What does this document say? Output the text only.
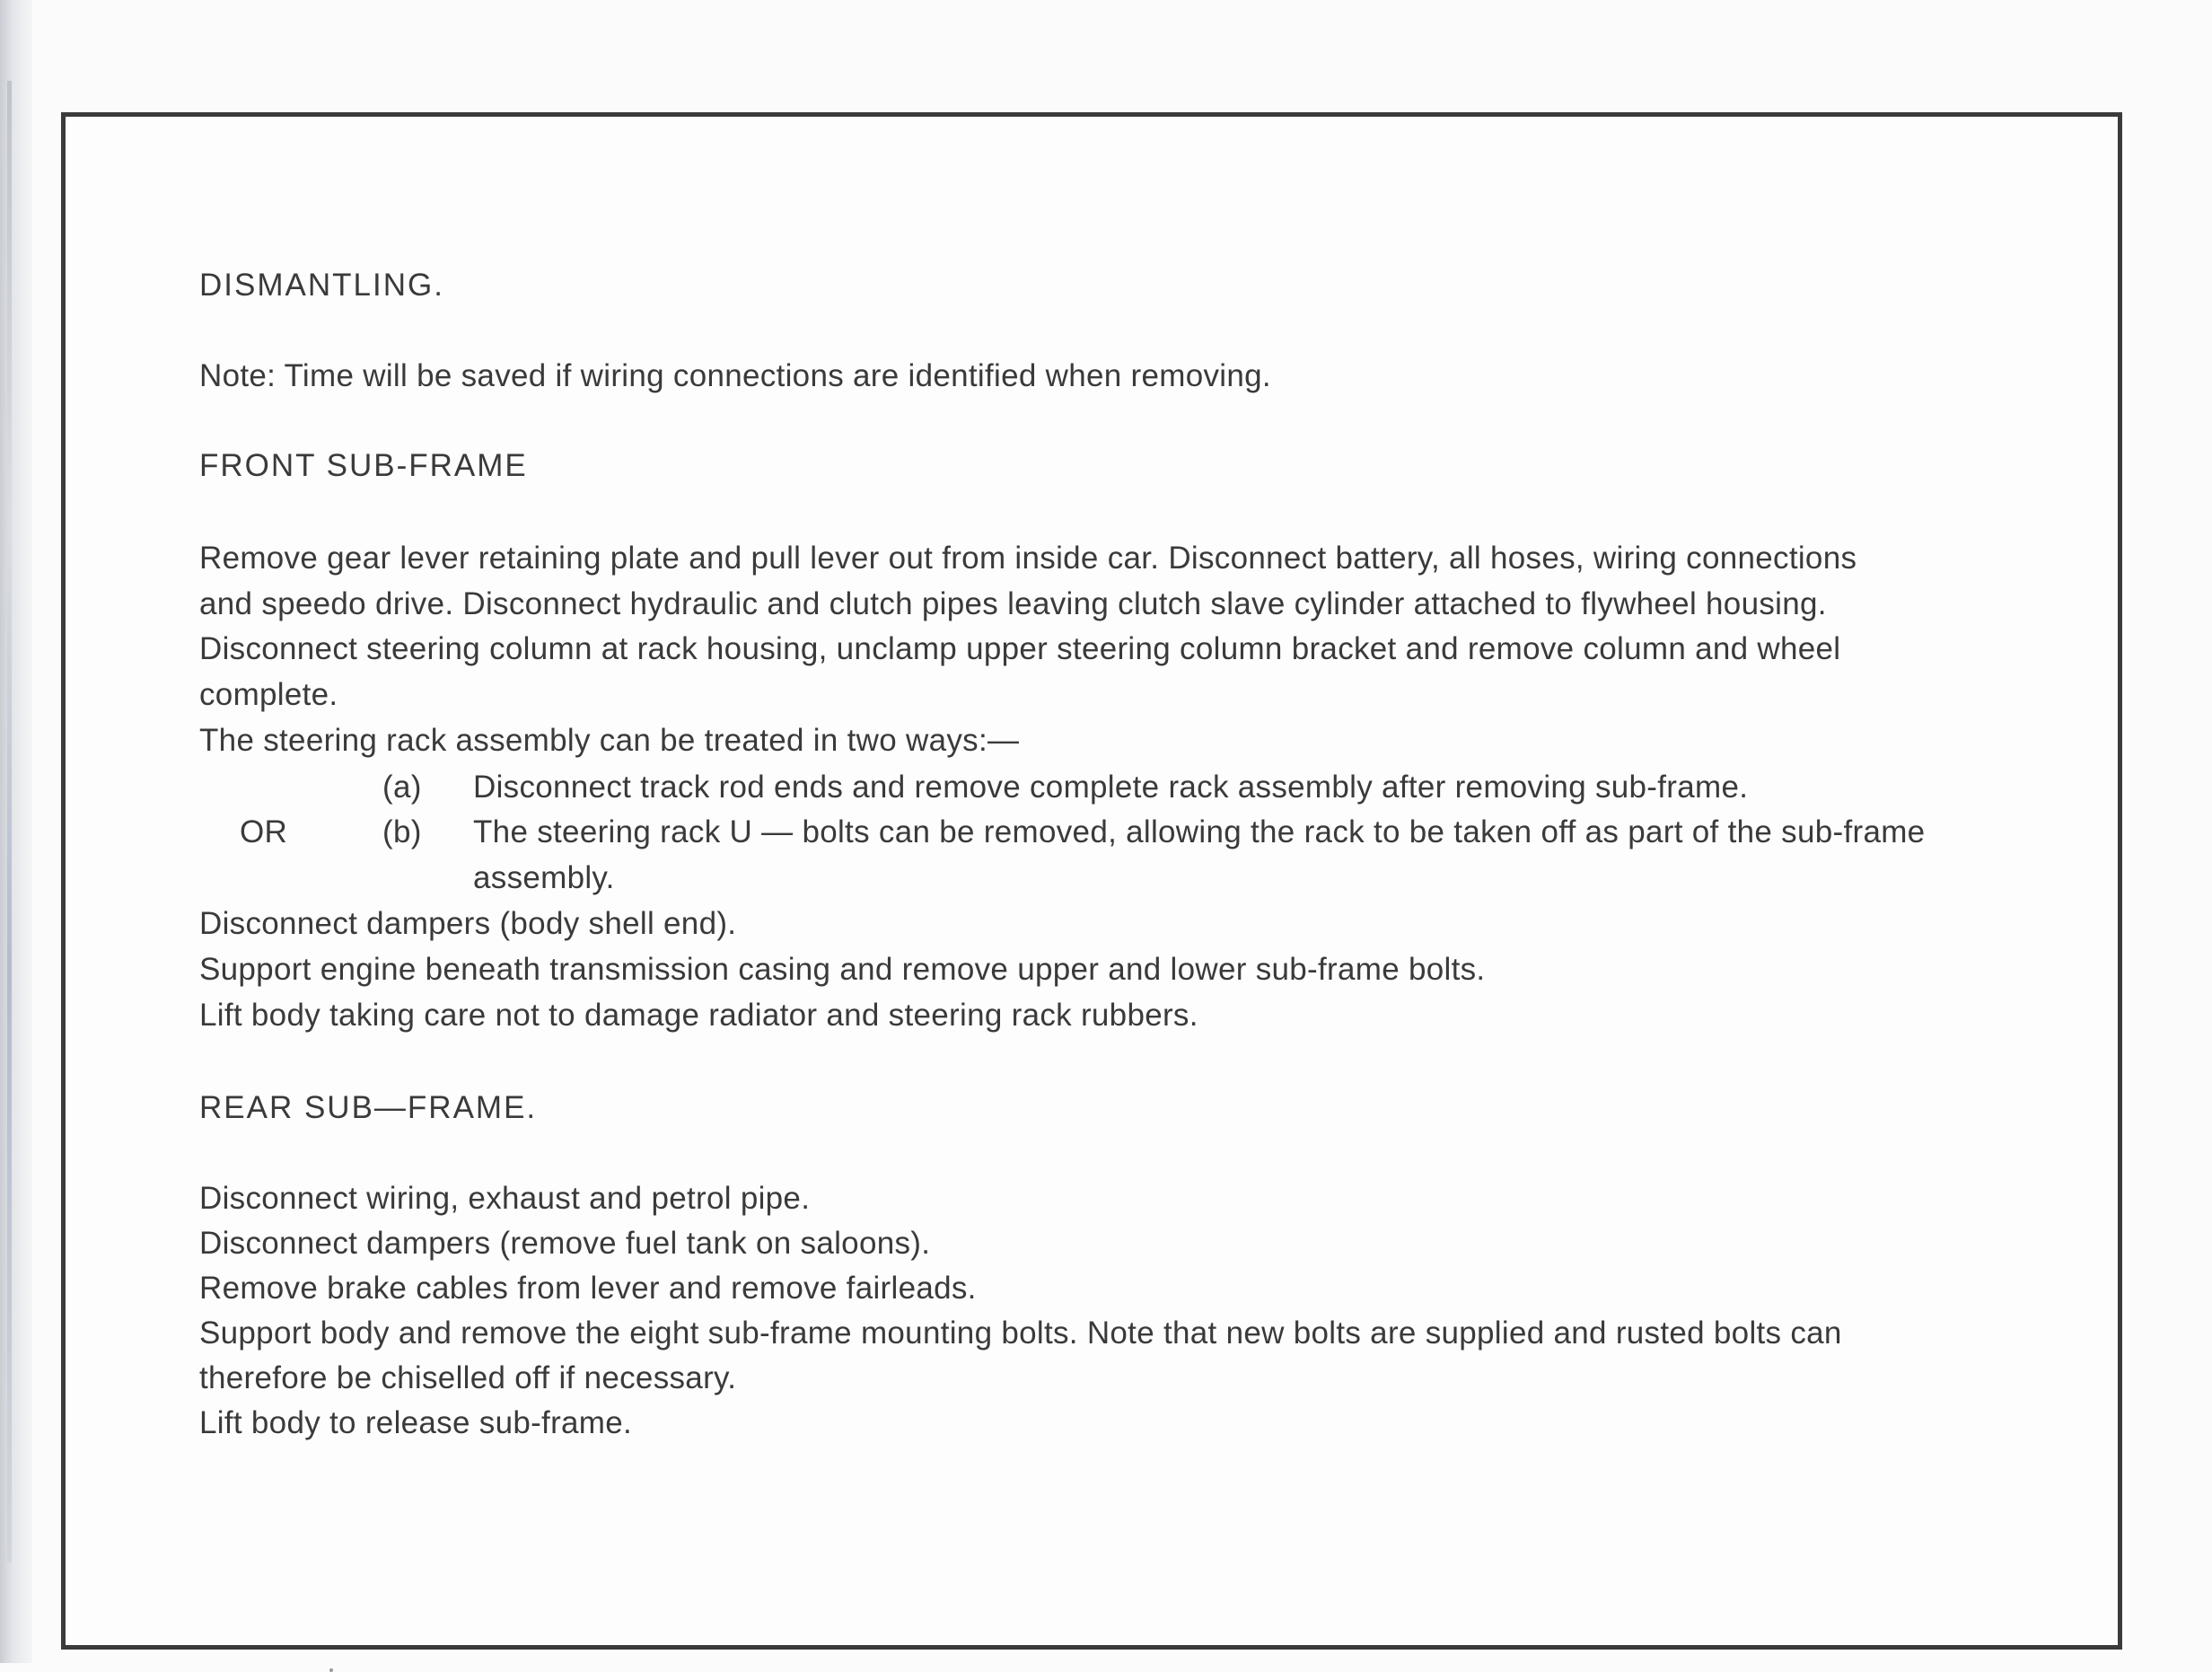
DISMANTLING.
Note: Time will be saved if wiring connections are identified when removing.
FRONT SUB-FRAME
Remove gear lever retaining plate and pull lever out from inside car. Disconnect battery, all hoses, wiring connections
and speedo drive. Disconnect hydraulic and clutch pipes leaving clutch slave cylinder attached to flywheel housing.
Disconnect steering column at rack housing, unclamp upper steering column bracket and remove column and wheel
complete.
The steering rack assembly can be treated in two ways:—
(a) Disconnect track rod ends and remove complete rack assembly after removing sub-frame.
OR	(b) The steering rack U — bolts can be removed, allowing the rack to be taken off as part of the sub-frame
assembly.
Disconnect dampers (body shell end).
Support engine beneath transmission casing and remove upper and lower sub-frame bolts.
Lift body taking care not to damage radiator and steering rack rubbers.
REAR SUB—FRAME.
Disconnect wiring, exhaust and petrol pipe.
Disconnect dampers (remove fuel tank on saloons).
Remove brake cables from lever and remove fairleads.
Support body and remove the eight sub-frame mounting bolts. Note that new bolts are supplied and rusted bolts can
therefore be chiselled off if necessary.
Lift body to release sub-frame.
